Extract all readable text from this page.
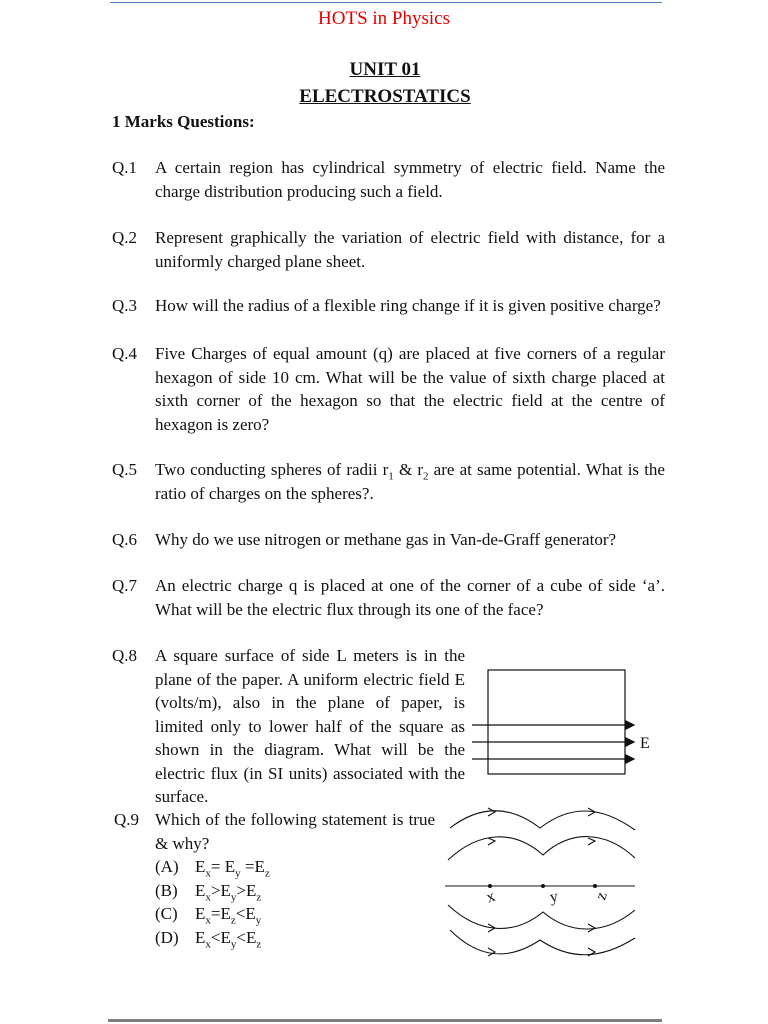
HOTS in Physics
UNIT 01
ELECTROSTATICS
1 Marks Questions:
Q.1 A certain region has cylindrical symmetry of electric field. Name the charge distribution producing such a field.
Q.2 Represent graphically the variation of electric field with distance, for a uniformly charged plane sheet.
Q.3 How will the radius of a flexible ring change if it is given positive charge?
Q.4 Five Charges of equal amount (q) are placed at five corners of a regular hexagon of side 10 cm. What will be the value of sixth charge placed at sixth corner of the hexagon so that the electric field at the centre of hexagon is zero?
Q.5 Two conducting spheres of radii $r_1$ & $r_2$ are at same potential. What is the ratio of charges on the spheres?.
Q.6 Why do we use nitrogen or methane gas in Van-de-Graff generator?
Q.7 An electric charge q is placed at one of the corner of a cube of side ‘a’. What will be the electric flux through its one of the face?
Q.8 A square surface of side L meters is in the plane of the paper. A uniform electric field E (volts/m), also in the plane of paper, is limited only to lower half of the square as shown in the diagram. What will be the electric flux (in SI units) associated with the surface.
E
Q.9 Which of the following statement is true & why?
(A) $E_x= E_y =E_z$
(B) $E_x>E_y>E_z$
(C) $E_x=E_z<E_y$
(D) $E_x<E_y<E_z$
x	y z
